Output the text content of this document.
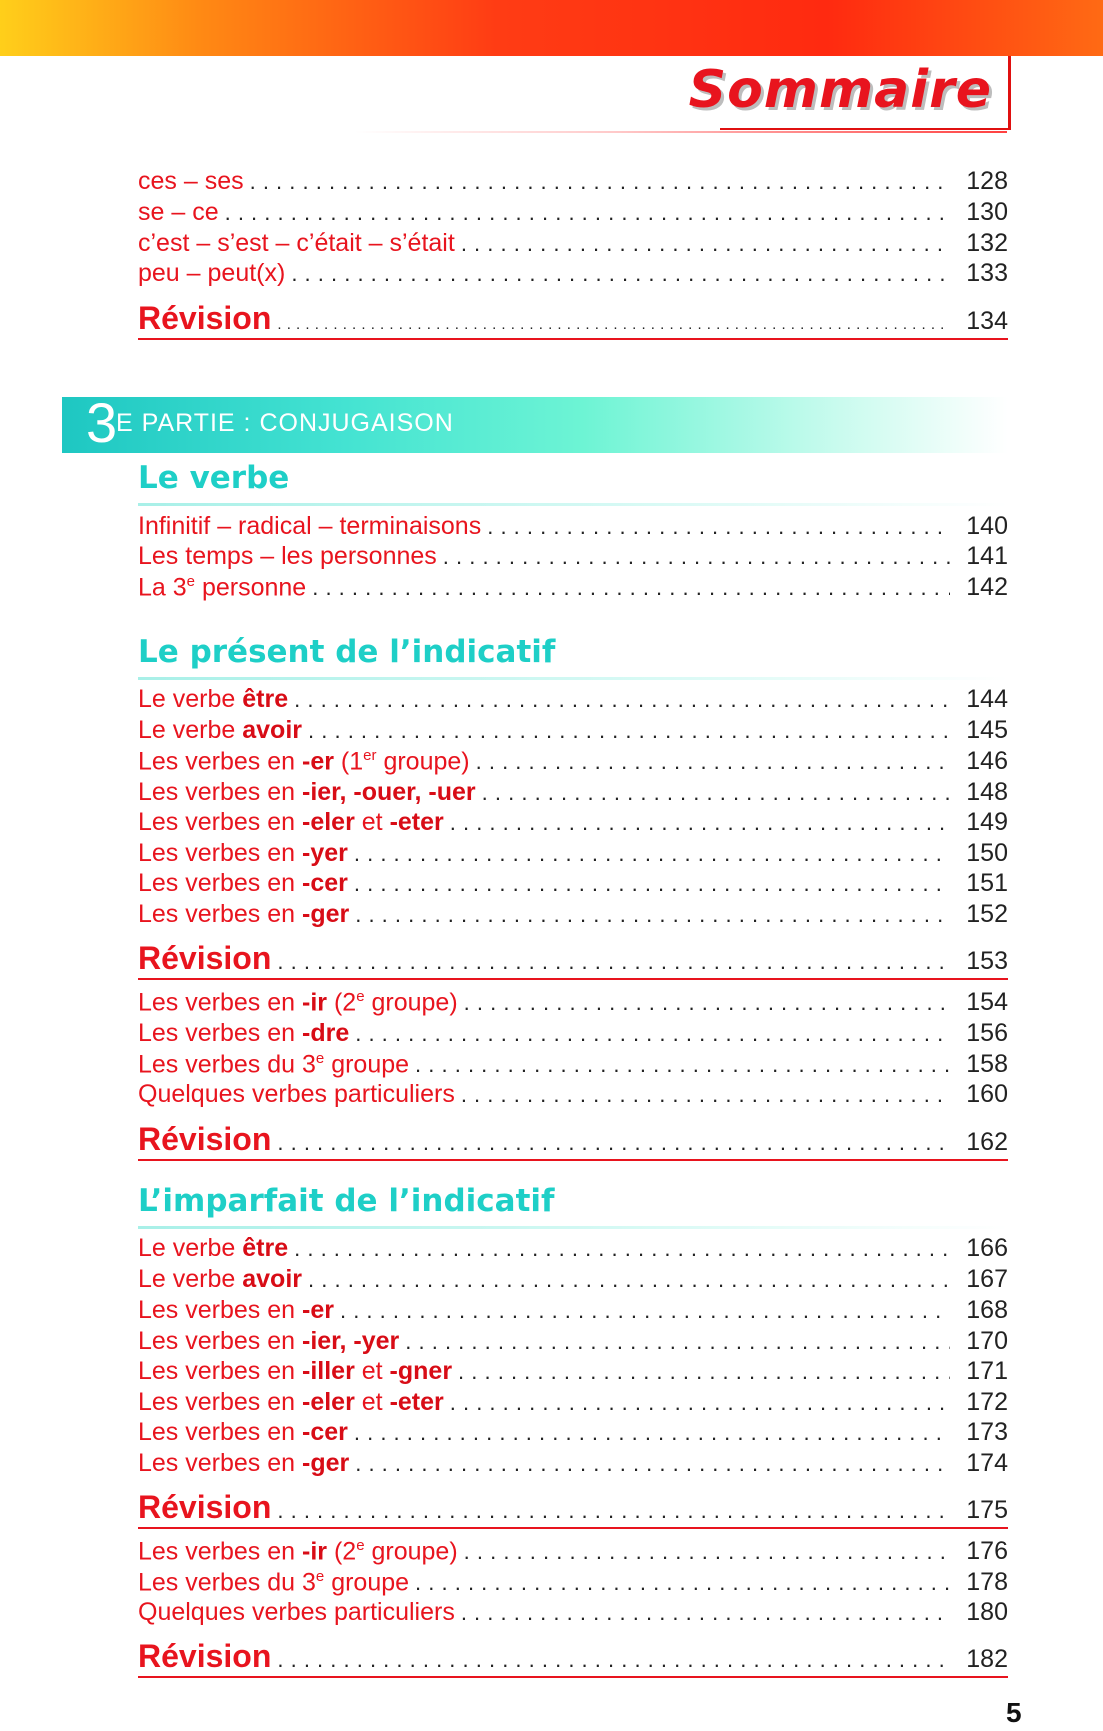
Sommaire
ces – ses . . .	128
se – ce . . .	130
c’est – s’est – c’était – s’était . . .	132
peu – peut(x) . . .	133
Révision . . .	134
3
E PARTIE : CONJUGAISON
Le verbe
Infinitif – radical – terminaisons . . .	140
Les temps – les personnes . . .	141
La 3e personne . . .	142
Le présent de l’indicatif
Le verbe être . . .	144
Le verbe avoir . . .	145
Les verbes en -er (1er groupe) . . .	146
Les verbes en -ier, -ouer, -uer . . .	148
Les verbes en -eler et -eter . . .	149
Les verbes en -yer . . .	150
Les verbes en -cer . . .	151
Les verbes en -ger . . .	152
Révision . . .	153
Les verbes en -ir (2e groupe) . . .	154
Les verbes en -dre . . .	156
Les verbes du 3e groupe . . .	158
Quelques verbes particuliers . . .	160
Révision . . .	162
L’imparfait de l’indicatif
Le verbe être . . .	166
Le verbe avoir . . .	167
Les verbes en -er . . .	168
Les verbes en -ier, -yer . . .	170
Les verbes en -iller et -gner . . .	171
Les verbes en -eler et -eter . . .	172
Les verbes en -cer . . .	173
Les verbes en -ger . . .	174
Révision . . .	175
Les verbes en -ir (2e groupe) . . .	176
Les verbes du 3e groupe . . .	178
Quelques verbes particuliers . . .	180
Révision . . .	182
5
